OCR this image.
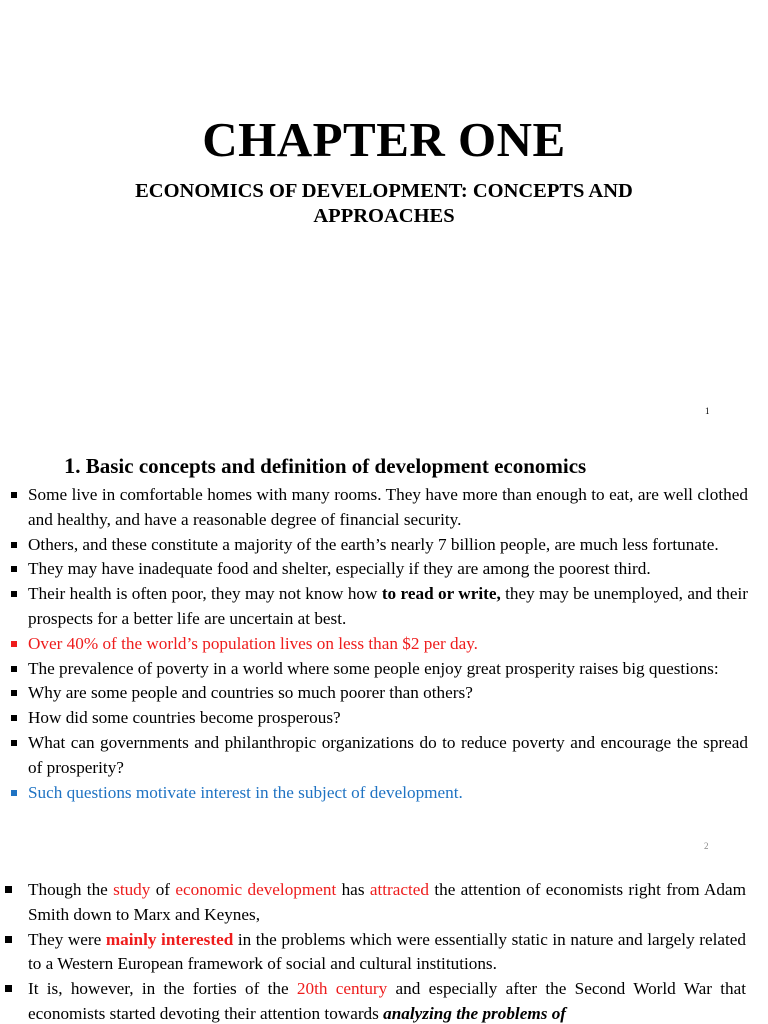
CHAPTER ONE
ECONOMICS OF DEVELOPMENT: CONCEPTS AND APPROACHES
1
1. Basic concepts and definition of development economics
Some live in comfortable homes with many rooms. They have more than enough to eat, are well clothed and healthy, and have a reasonable degree of financial security.
Others, and these constitute a majority of the earth’s nearly 7 billion people, are much less fortunate.
They may have inadequate food and shelter, especially if they are among the poorest third.
Their health is often poor, they may not know how to read or write, they may be unemployed, and their prospects for a better life are uncertain at best.
Over 40% of the world’s population lives on less than $2 per day.
The prevalence of poverty in a world where some people enjoy great prosperity raises big questions:
Why are some people and countries so much poorer than others?
How did some countries become prosperous?
What can governments and philanthropic organizations do to reduce poverty and encourage the spread of prosperity?
Such questions motivate interest in the subject of development.
2
Though the study of economic development has attracted the attention of economists right from Adam Smith down to Marx and Keynes,
They were mainly interested in the problems which were essentially static in nature and largely related to a Western European framework of social and cultural institutions.
It is, however, in the forties of the 20th century and especially after the Second World War that economists started devoting their attention towards analyzing the problems of
